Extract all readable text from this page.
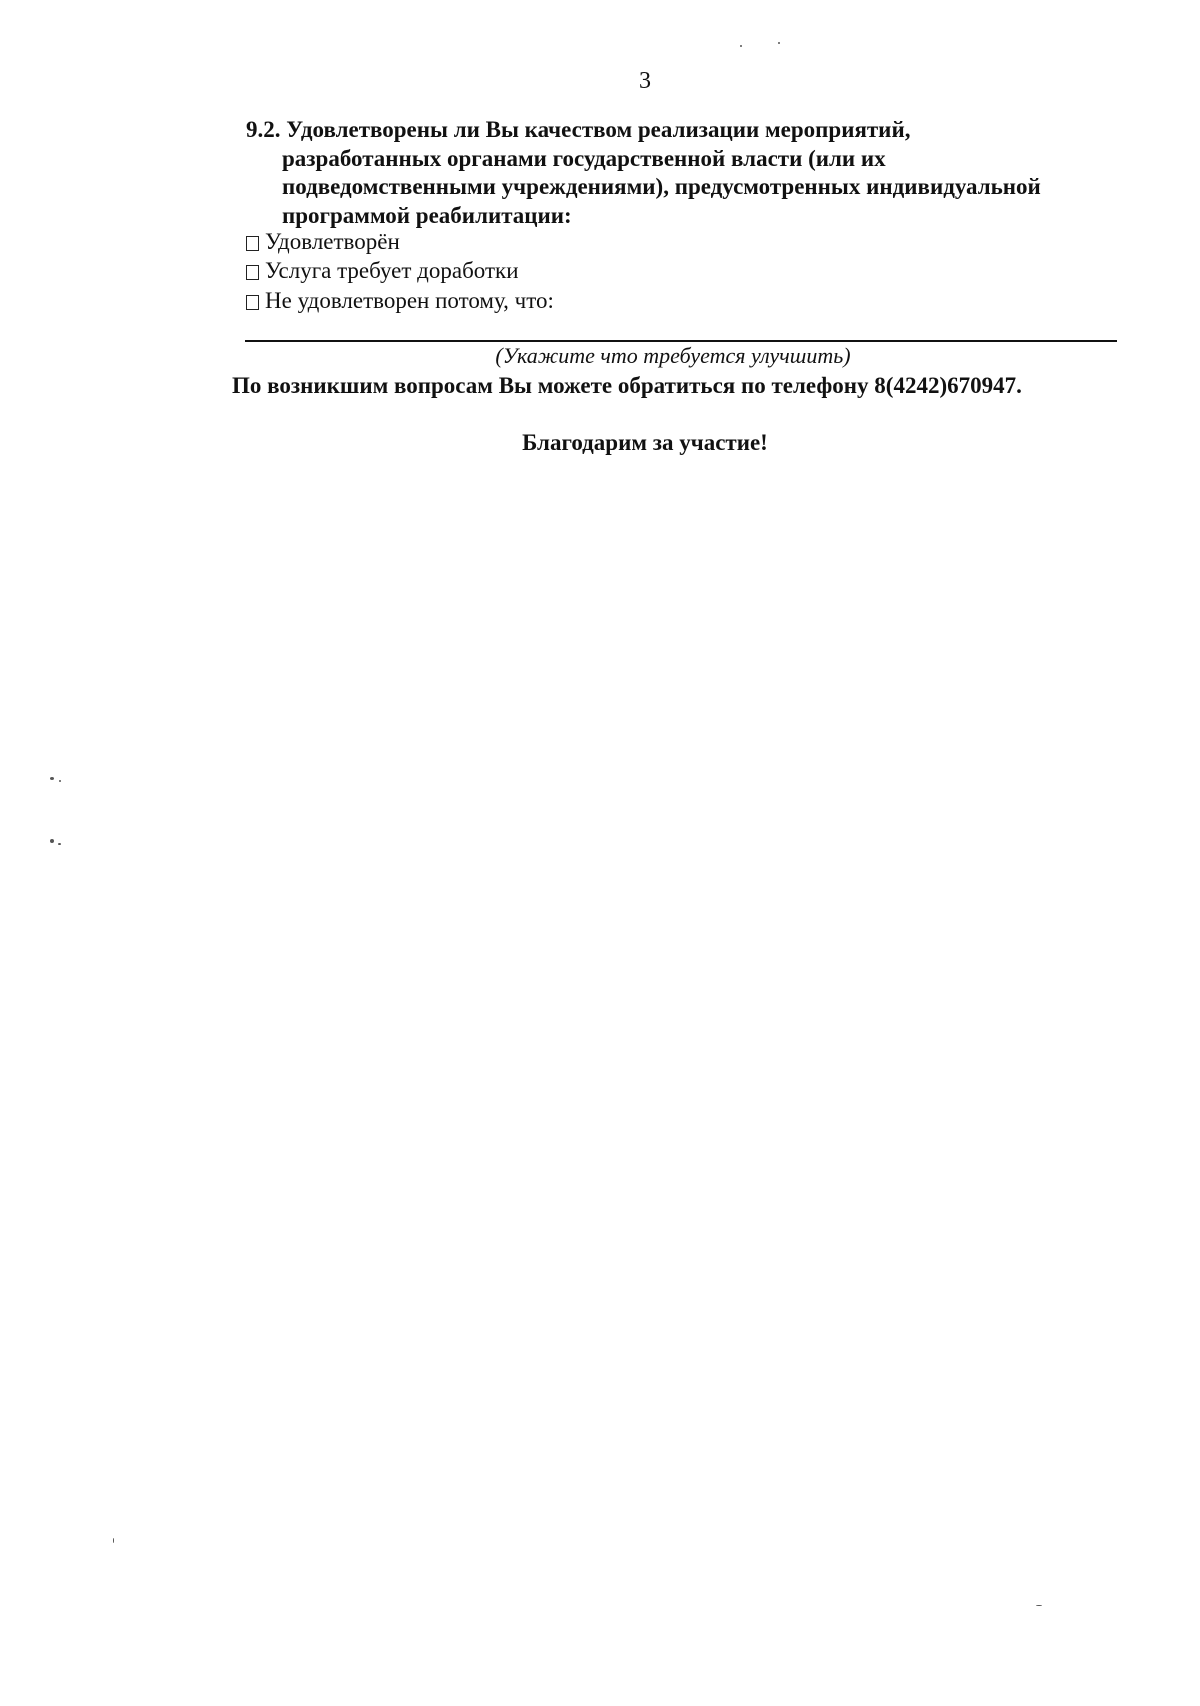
3
9.2. Удовлетворены ли Вы качеством реализации мероприятий,
разработанных органами государственной власти (или их
подведомственными учреждениями), предусмотренных индивидуальной
программой реабилитации:
Удовлетворён
Услуга требует доработки
Не удовлетворен потому, что:
(Укажите что требуется улучшить)
По возникшим вопросам Вы можете обратиться по телефону 8(4242)670947.
Благодарим за участие!
